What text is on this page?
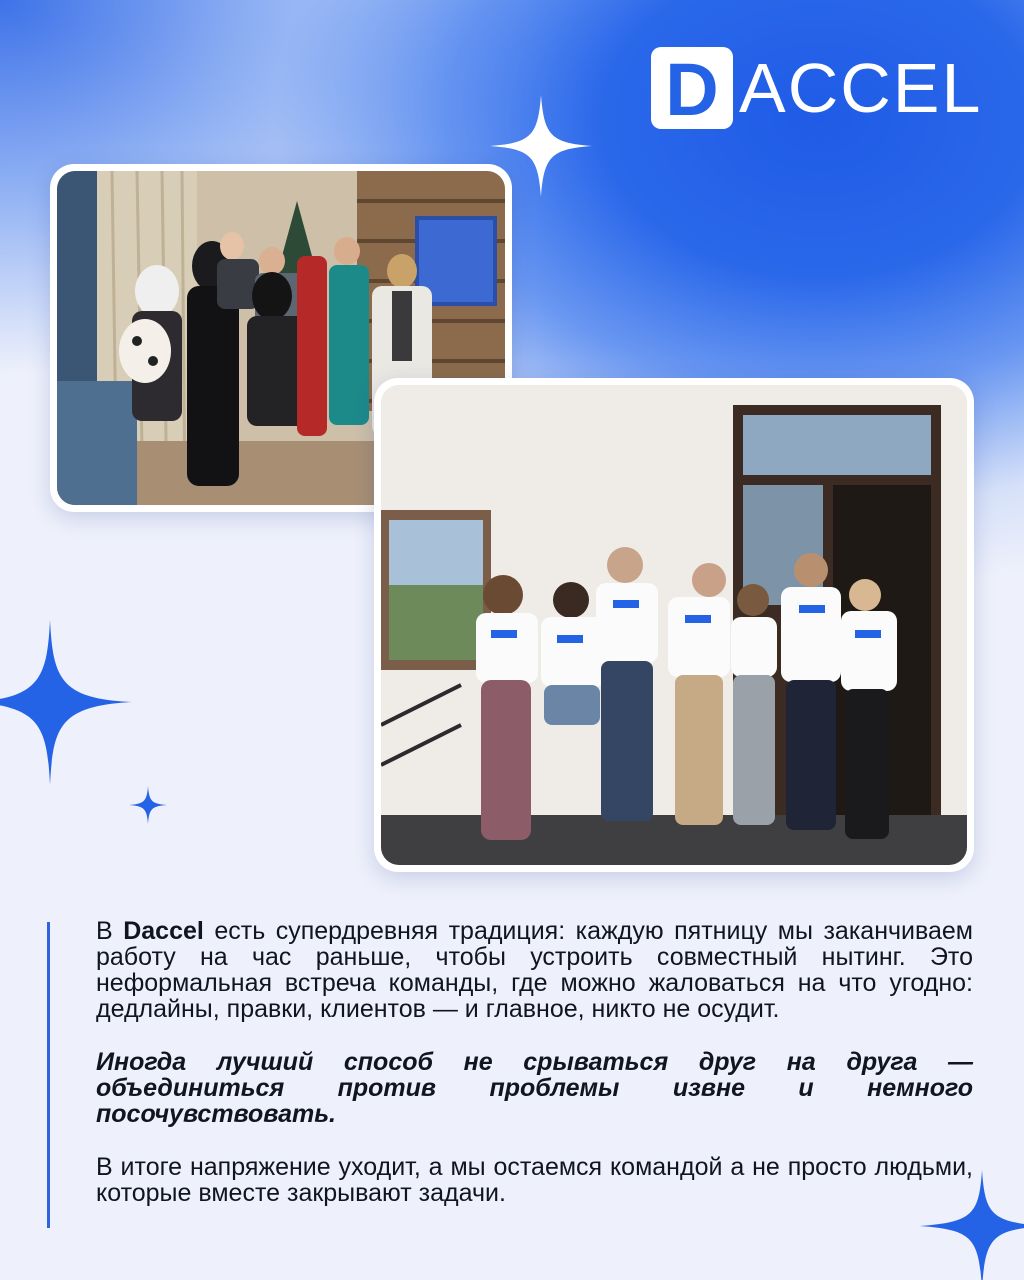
D ACCEL

В Daccel есть супердревняя традиция: каждую пятницу мы заканчиваем работу на час раньше, чтобы устроить совместный нытинг. Это неформальная встреча команды, где можно жаловаться на что угодно: дедлайны, правки, клиентов — и главное, никто не осудит.

Иногда лучший способ не срываться друг на друга — объединиться против проблемы извне и немного посочувствовать.

В итоге напряжение уходит, а мы остаемся командой а не просто людьми, которые вместе закрывают задачи.
